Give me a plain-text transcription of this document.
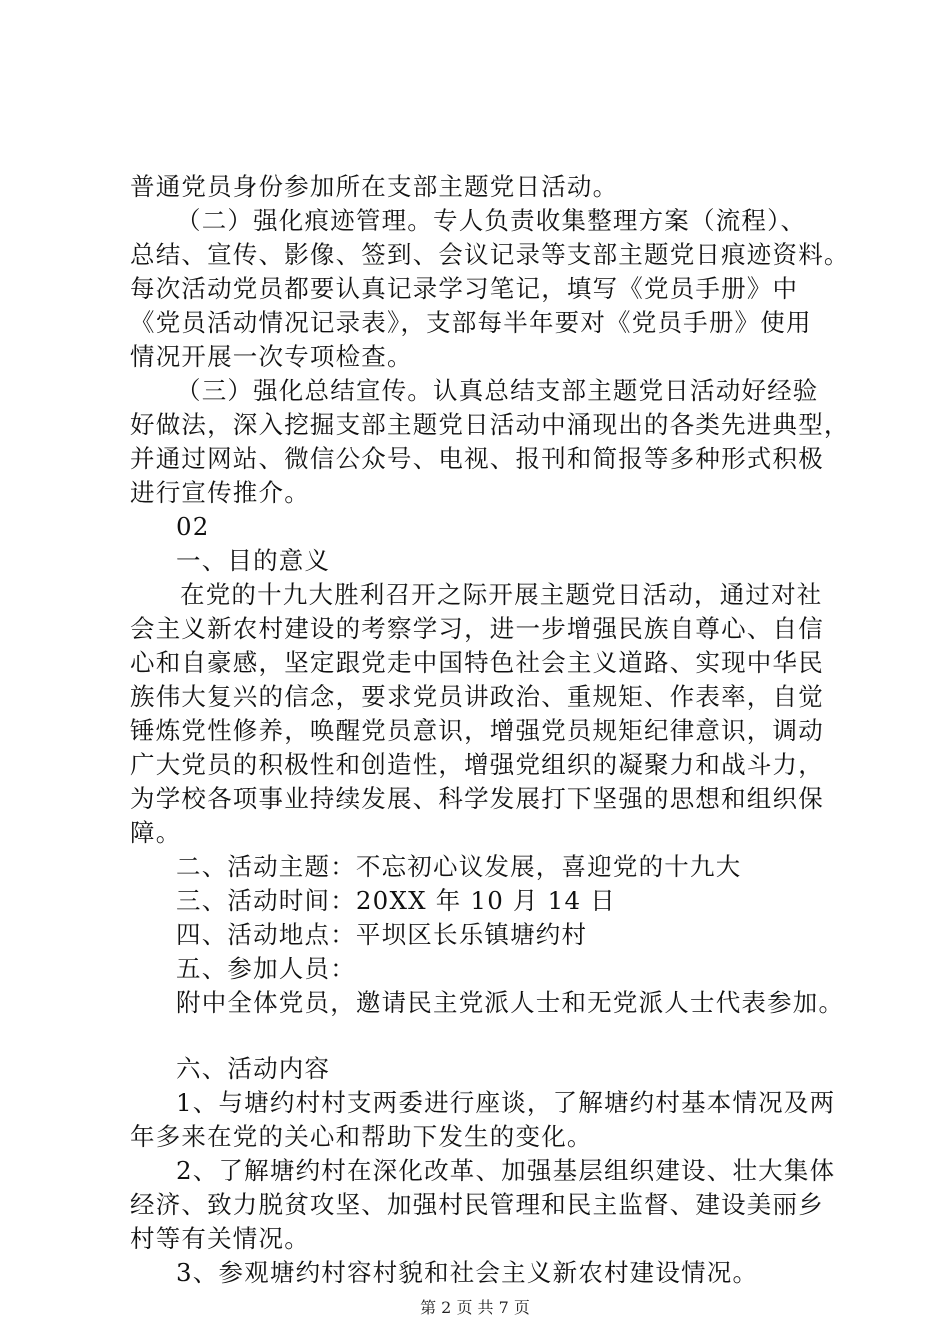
普通党员身份参加所在支部主题党日活动。
（二）强化痕迹管理。专人负责收集整理方案（流程）、
总结、宣传、影像、签到、会议记录等支部主题党日痕迹资料。
每次活动党员都要认真记录学习笔记，填写《党员手册》中
《党员活动情况记录表》，支部每半年要对《党员手册》使用
情况开展一次专项检查。
（三）强化总结宣传。认真总结支部主题党日活动好经验
好做法，深入挖掘支部主题党日活动中涌现出的各类先进典型，
并通过网站、微信公众号、电视、报刊和简报等多种形式积极
进行宣传推介。
02
一、目的意义
在党的十九大胜利召开之际开展主题党日活动，通过对社
会主义新农村建设的考察学习，进一步增强民族自尊心、自信
心和自豪感，坚定跟党走中国特色社会主义道路、实现中华民
族伟大复兴的信念，要求党员讲政治、重规矩、作表率，自觉
锤炼党性修养，唤醒党员意识，增强党员规矩纪律意识，调动
广大党员的积极性和创造性，增强党组织的凝聚力和战斗力，
为学校各项事业持续发展、科学发展打下坚强的思想和组织保
障。
二、活动主题：不忘初心议发展，喜迎党的十九大
三、活动时间：20XX 年 10 月 14 日
四、活动地点：平坝区长乐镇塘约村
五、参加人员：
附中全体党员，邀请民主党派人士和无党派人士代表参加。
六、活动内容
1、与塘约村村支两委进行座谈，了解塘约村基本情况及两
年多来在党的关心和帮助下发生的变化。
2、了解塘约村在深化改革、加强基层组织建设、壮大集体
经济、致力脱贫攻坚、加强村民管理和民主监督、建设美丽乡
村等有关情况。
3、参观塘约村容村貌和社会主义新农村建设情况。
第 2 页 共 7 页
